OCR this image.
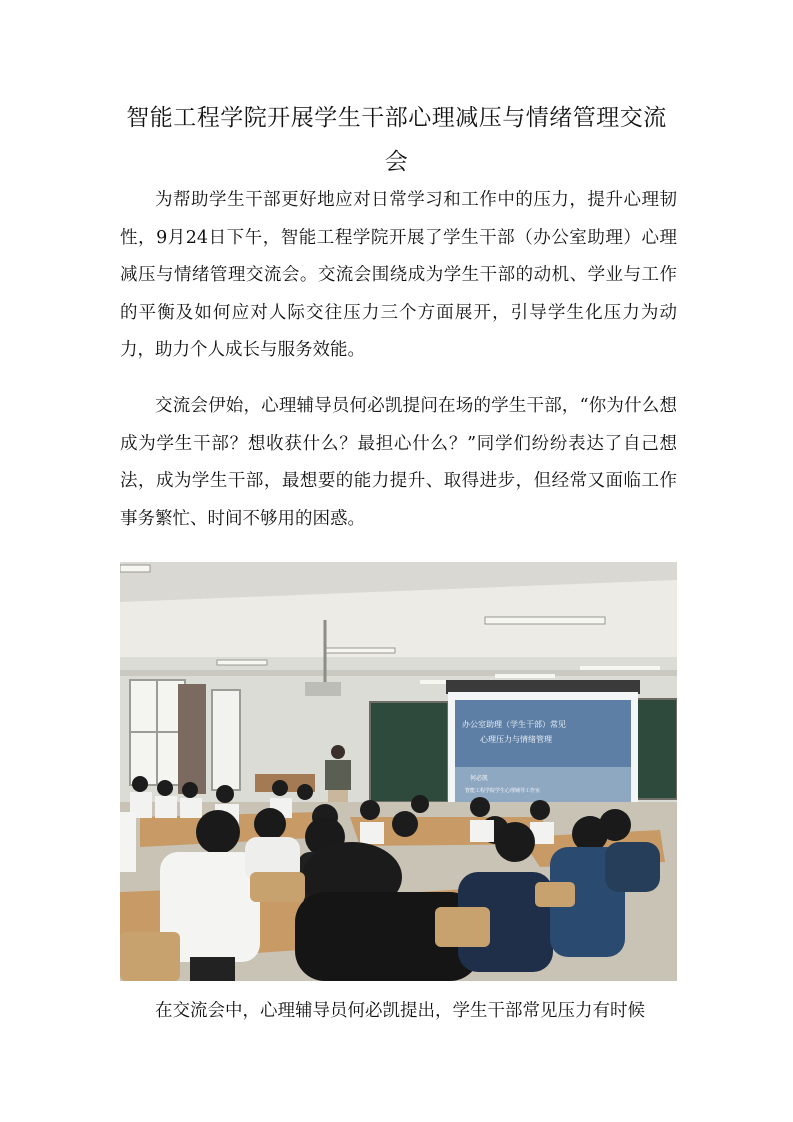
智能工程学院开展学生干部心理减压与情绪管理交流会

为帮助学生干部更好地应对日常学习和工作中的压力，提升心理韧性，9月24日下午，智能工程学院开展了学生干部（办公室助理）心理减压与情绪管理交流会。交流会围绕成为学生干部的动机、学业与工作的平衡及如何应对人际交往压力三个方面展开，引导学生化压力为动力，助力个人成长与服务效能。

交流会伊始，心理辅导员何必凯提问在场的学生干部，“你为什么想成为学生干部？想收获什么？最担心什么？”同学们纷纷表达了自己想法，成为学生干部，最想要的能力提升、取得进步，但经常又面临工作事务繁忙、时间不够用的困惑。

办公室助理（学生干部）常见
心理压力与情绪管理
何必凯
智能工程学院学生心理辅导工作室

在交流会中，心理辅导员何必凯提出，学生干部常见压力有时候
